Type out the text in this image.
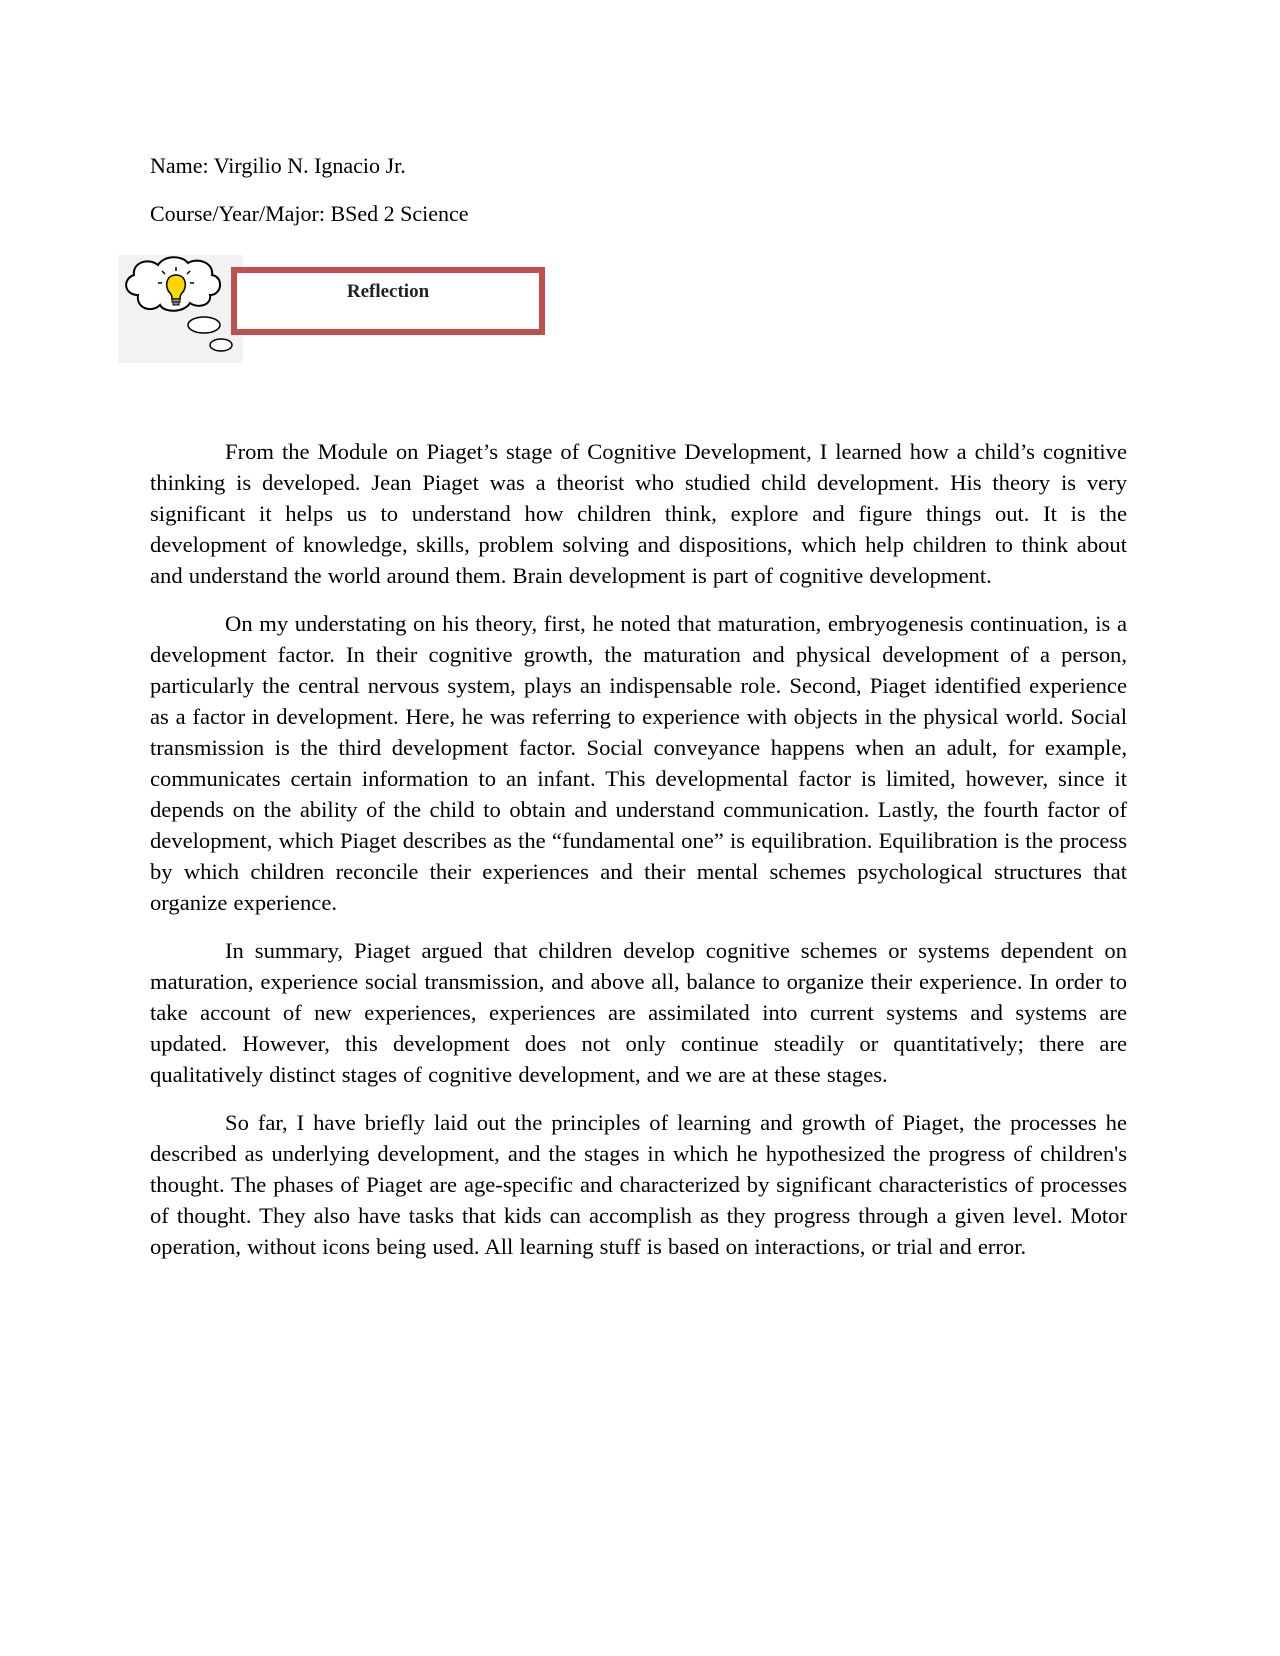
Name: Virgilio N. Ignacio Jr.
Course/Year/Major: BSed 2 Science
Reflection

From the Module on Piaget’s stage of Cognitive Development, I learned how a child’s cognitive thinking is developed. Jean Piaget was a theorist who studied child development. His theory is very significant it helps us to understand how children think, explore and figure things out. It is the development of knowledge, skills, problem solving and dispositions, which help children to think about and understand the world around them. Brain development is part of cognitive development.

On my understating on his theory, first, he noted that maturation, embryogenesis continuation, is a development factor. In their cognitive growth, the maturation and physical development of a person, particularly the central nervous system, plays an indispensable role. Second, Piaget identified experience as a factor in development. Here, he was referring to experience with objects in the physical world. Social transmission is the third development factor. Social conveyance happens when an adult, for example, communicates certain information to an infant. This developmental factor is limited, however, since it depends on the ability of the child to obtain and understand communication. Lastly, the fourth factor of development, which Piaget describes as the “fundamental one” is equilibration. Equilibration is the process by which children reconcile their experiences and their mental schemes psychological structures that organize experience.

In summary, Piaget argued that children develop cognitive schemes or systems dependent on maturation, experience social transmission, and above all, balance to organize their experience. In order to take account of new experiences, experiences are assimilated into current systems and systems are updated. However, this development does not only continue steadily or quantitatively; there are qualitatively distinct stages of cognitive development, and we are at these stages.

So far, I have briefly laid out the principles of learning and growth of Piaget, the processes he described as underlying development, and the stages in which he hypothesized the progress of children's thought. The phases of Piaget are age-specific and characterized by significant characteristics of processes of thought. They also have tasks that kids can accomplish as they progress through a given level. Motor operation, without icons being used. All learning stuff is based on interactions, or trial and error.
